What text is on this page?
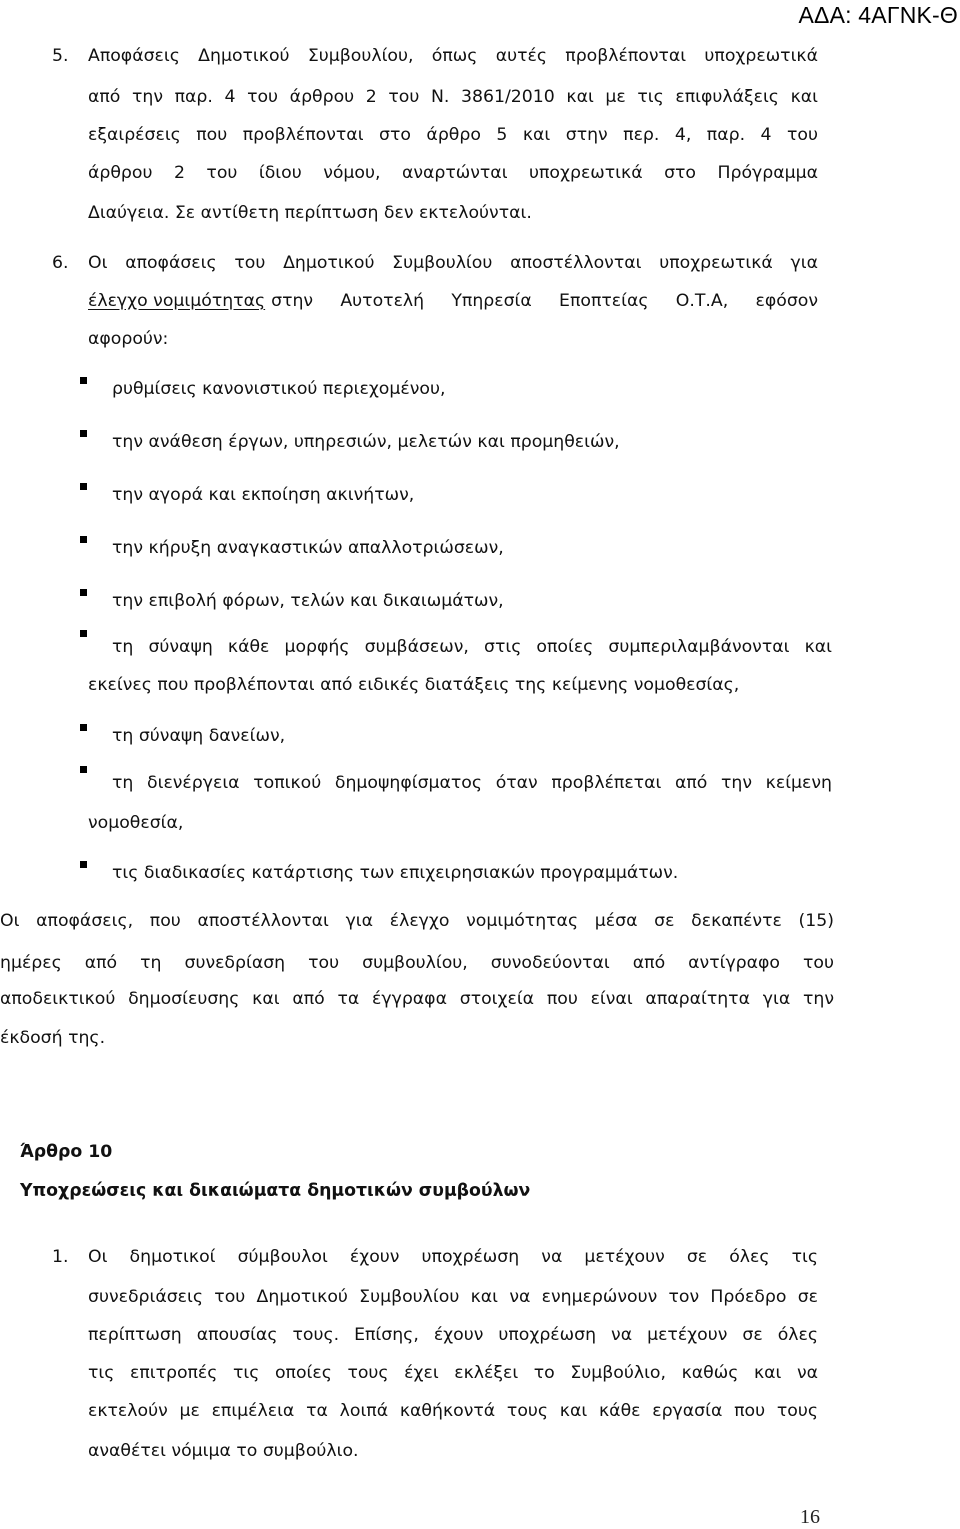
ΑΔΑ: 4ΑΓΝΚ-Θ
5. Αποφάσεις Δημοτικού Συμβουλίου, όπως αυτές προβλέπονται υποχρεωτικά
από την παρ. 4 του άρθρου 2 του Ν. 3861/2010 και με τις επιφυλάξεις και
εξαιρέσεις που προβλέπονται στο άρθρο 5 και στην περ. 4, παρ. 4 του
άρθρου 2 του ίδιου νόμου, αναρτώνται υποχρεωτικά στο Πρόγραμμα
Διαύγεια. Σε αντίθετη περίπτωση δεν εκτελούνται.
6. Οι αποφάσεις του Δημοτικού Συμβουλίου αποστέλλονται υποχρεωτικά για
έλεγχο νομιμότητας στην Αυτοτελή Υπηρεσία Εποπτείας Ο.Τ.Α, εφόσον
αφορούν:
ρυθμίσεις κανονιστικού περιεχομένου,
την ανάθεση έργων, υπηρεσιών, μελετών και προμηθειών,
την αγορά και εκποίηση ακινήτων,
την κήρυξη αναγκαστικών απαλλοτριώσεων,
την επιβολή φόρων, τελών και δικαιωμάτων,
τη σύναψη κάθε μορφής συμβάσεων, στις οποίες συμπεριλαμβάνονται και
εκείνες που προβλέπονται από ειδικές διατάξεις της κείμενης νομοθεσίας,
τη σύναψη δανείων,
τη διενέργεια τοπικού δημοψηφίσματος όταν προβλέπεται από την κείμενη
νομοθεσία,
τις διαδικασίες κατάρτισης των επιχειρησιακών προγραμμάτων.
Οι αποφάσεις, που αποστέλλονται για έλεγχο νομιμότητας μέσα σε δεκαπέντε (15)
ημέρες από τη συνεδρίαση του συμβουλίου, συνοδεύονται από αντίγραφο του
αποδεικτικού δημοσίευσης και από τα έγγραφα στοιχεία που είναι απαραίτητα για την
έκδοσή της.
Άρθρο 10
Υποχρεώσεις και δικαιώματα δημοτικών συμβούλων
1. Οι δημοτικοί σύμβουλοι έχουν υποχρέωση να μετέχουν σε όλες τις
συνεδριάσεις του Δημοτικού Συμβουλίου και να ενημερώνουν τον Πρόεδρο σε
περίπτωση απουσίας τους. Επίσης, έχουν υποχρέωση να μετέχουν σε όλες
τις επιτροπές τις οποίες τους έχει εκλέξει το Συμβούλιο, καθώς και να
εκτελούν με επιμέλεια τα λοιπά καθήκοντά τους και κάθε εργασία που τους
αναθέτει νόμιμα το συμβούλιο.
16
